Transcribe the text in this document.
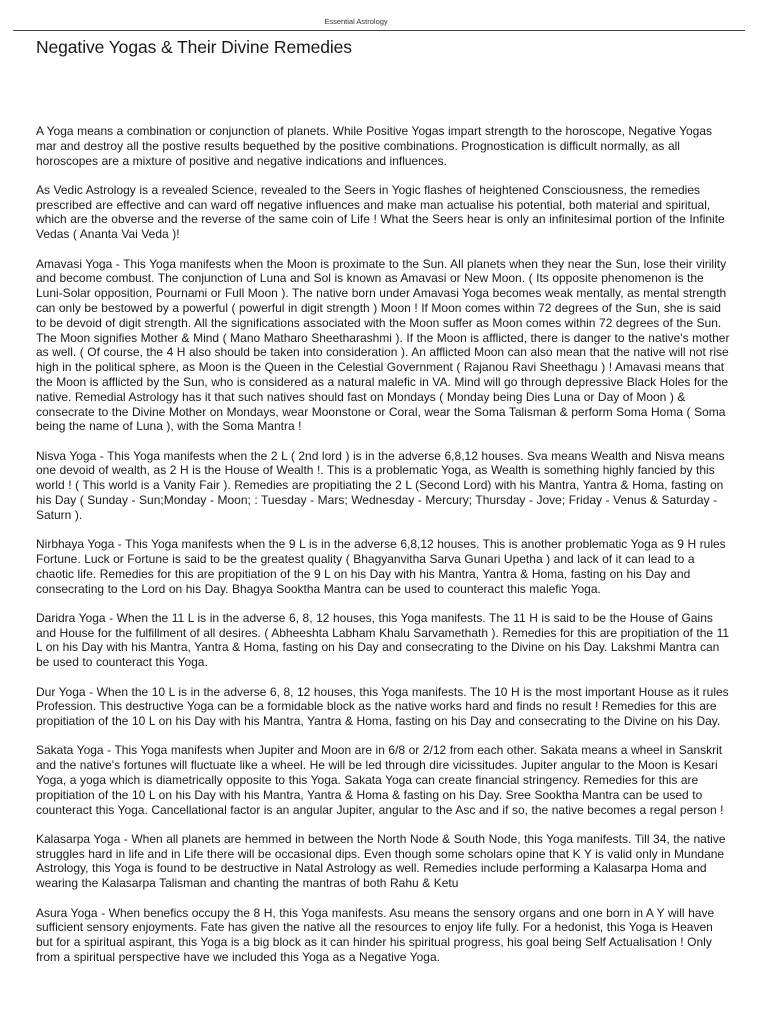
Essential Astrology
Negative Yogas & Their Divine Remedies

A Yoga means a combination or conjunction of planets. While Positive Yogas impart strength to the horoscope, Negative Yogas mar and destroy all the postive results bequethed by the positive combinations. Prognostication is difficult normally, as all horoscopes are a mixture of positive and negative indications and influences.

As Vedic Astrology is a revealed Science, revealed to the Seers in Yogic flashes of heightened Consciousness, the remedies prescribed are effective and can ward off negative influences and make man actualise his potential, both material and spiritual, which are the obverse and the reverse of the same coin of Life ! What the Seers hear is only an infinitesimal portion of the Infinite Vedas ( Ananta Vai Veda )!

Amavasi Yoga - This Yoga manifests when the Moon is proximate to the Sun. All planets when they near the Sun, lose their virility and become combust. The conjunction of Luna and Sol is known as Amavasi or New Moon. ( Its opposite phenomenon is the Luni-Solar opposition, Pournami or Full Moon ). The native born under Amavasi Yoga becomes weak mentally, as mental strength can only be bestowed by a powerful ( powerful in digit strength ) Moon ! If Moon comes within 72 degrees of the Sun, she is said to be devoid of digit strength. All the significations associated with the Moon suffer as Moon comes within 72 degrees of the Sun. The Moon signifies Mother & Mind ( Mano Matharo Sheetharashmi ). If the Moon is afflicted, there is danger to the native's mother as well. ( Of course, the 4 H also should be taken into consideration ). An afflicted Moon can also mean that the native will not rise high in the political sphere, as Moon is the Queen in the Celestial Government ( Rajanou Ravi Sheethagu ) ! Amavasi means that the Moon is afflicted by the Sun, who is considered as a natural malefic in VA. Mind will go through depressive Black Holes for the native. Remedial Astrology has it that such natives should fast on Mondays ( Monday being Dies Luna or Day of Moon ) & consecrate to the Divine Mother on Mondays, wear Moonstone or Coral, wear the Soma Talisman & perform Soma Homa ( Soma being the name of Luna ), with the Soma Mantra !

Nisva Yoga - This Yoga manifests when the 2 L ( 2nd lord ) is in the adverse 6,8,12 houses. Sva means Wealth and Nisva means one devoid of wealth, as 2 H is the House of Wealth !. This is a problematic Yoga, as Wealth is something highly fancied by this world ! ( This world is a Vanity Fair ). Remedies are propitiating the 2 L (Second Lord) with his Mantra, Yantra & Homa, fasting on his Day ( Sunday - Sun;Monday - Moon; : Tuesday - Mars; Wednesday - Mercury; Thursday - Jove; Friday - Venus & Saturday - Saturn ).

Nirbhaya Yoga - This Yoga manifests when the 9 L is in the adverse 6,8,12 houses. This is another problematic Yoga as 9 H rules Fortune. Luck or Fortune is said to be the greatest quality ( Bhagyanvitha Sarva Gunari Upetha ) and lack of it can lead to a chaotic life. Remedies for this are propitiation of the 9 L on his Day with his Mantra, Yantra & Homa, fasting on his Day and consecrating to the Lord on his Day. Bhagya Sooktha Mantra can be used to counteract this malefic Yoga.

Daridra Yoga - When the 11 L is in the adverse 6, 8, 12 houses, this Yoga manifests. The 11 H is said to be the House of Gains and House for the fulfillment of all desires. ( Abheeshta Labham Khalu Sarvamethath ). Remedies for this are propitiation of the 11 L on his Day with his Mantra, Yantra & Homa, fasting on his Day and consecrating to the Divine on his Day. Lakshmi Mantra can be used to counteract this Yoga.

Dur Yoga - When the 10 L is in the adverse 6, 8, 12 houses, this Yoga manifests. The 10 H is the most important House as it rules Profession. This destructive Yoga can be a formidable block as the native works hard and finds no result ! Remedies for this are propitiation of the 10 L on his Day with his Mantra, Yantra & Homa, fasting on his Day and consecrating to the Divine on his Day.

Sakata Yoga - This Yoga manifests when Jupiter and Moon are in 6/8 or 2/12 from each other. Sakata means a wheel in Sanskrit and the native's fortunes will fluctuate like a wheel. He will be led through dire vicissitudes. Jupiter angular to the Moon is Kesari Yoga, a yoga which is diametrically opposite to this Yoga. Sakata Yoga can create financial stringency. Remedies for this are propitiation of the 10 L on his Day with his Mantra, Yantra & Homa & fasting on his Day. Sree Sooktha Mantra can be used to counteract this Yoga. Cancellational factor is an angular Jupiter, angular to the Asc and if so, the native becomes a regal person !

Kalasarpa Yoga - When all planets are hemmed in between the North Node & South Node, this Yoga manifests. Till 34, the native struggles hard in life and in Life there will be occasional dips. Even though some scholars opine that K Y is valid only in Mundane Astrology, this Yoga is found to be destructive in Natal Astrology as well. Remedies include performing a Kalasarpa Homa and wearing the Kalasarpa Talisman and chanting the mantras of both Rahu & Ketu

Asura Yoga - When benefics occupy the 8 H, this Yoga manifests. Asu means the sensory organs and one born in A Y will have sufficient sensory enjoyments. Fate has given the native all the resources to enjoy life fully. For a hedonist, this Yoga is Heaven but for a spiritual aspirant, this Yoga is a big block as it can hinder his spiritual progress, his goal being Self Actualisation ! Only from a spiritual perspective have we included this Yoga as a Negative Yoga.
